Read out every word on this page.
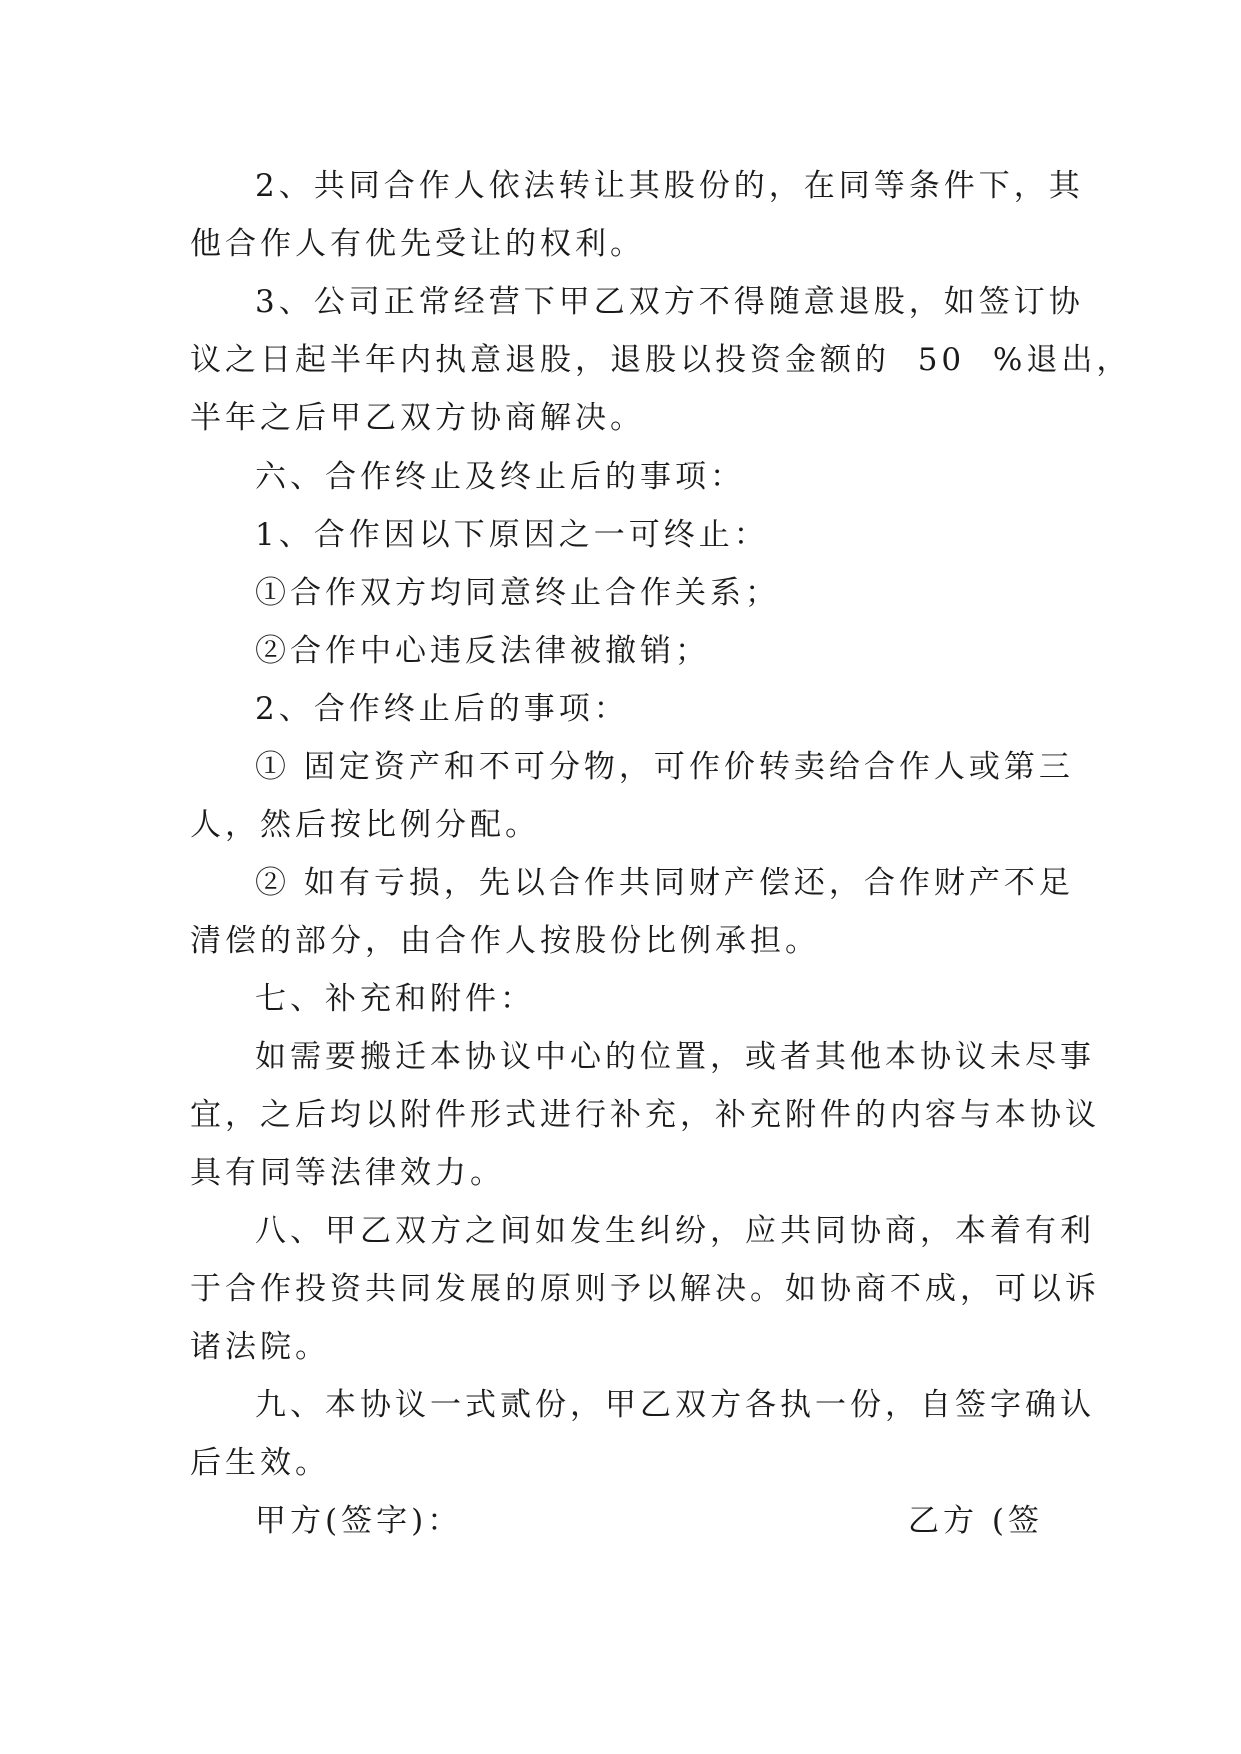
2、共同合作人依法转让其股份的，在同等条件下，其
他合作人有优先受让的权利。
3、公司正常经营下甲乙双方不得随意退股，如签订协
议之日起半年内执意退股，退股以投资金额的  50  %退出，
半年之后甲乙双方协商解决。
六、合作终止及终止后的事项：
1、合作因以下原因之一可终止：
①合作双方均同意终止合作关系；
②合作中心违反法律被撤销；
2、合作终止后的事项：
① 固定资产和不可分物，可作价转卖给合作人或第三
人，然后按比例分配。
② 如有亏损，先以合作共同财产偿还，合作财产不足
清偿的部分，由合作人按股份比例承担。
七、补充和附件：
如需要搬迁本协议中心的位置，或者其他本协议未尽事
宜，之后均以附件形式进行补充，补充附件的内容与本协议
具有同等法律效力。
八、甲乙双方之间如发生纠纷，应共同协商，本着有利
于合作投资共同发展的原则予以解决。如协商不成，可以诉
诸法院。
九、本协议一式贰份，甲乙双方各执一份，自签字确认
后生效。
甲方(签字)：	乙方 (签
